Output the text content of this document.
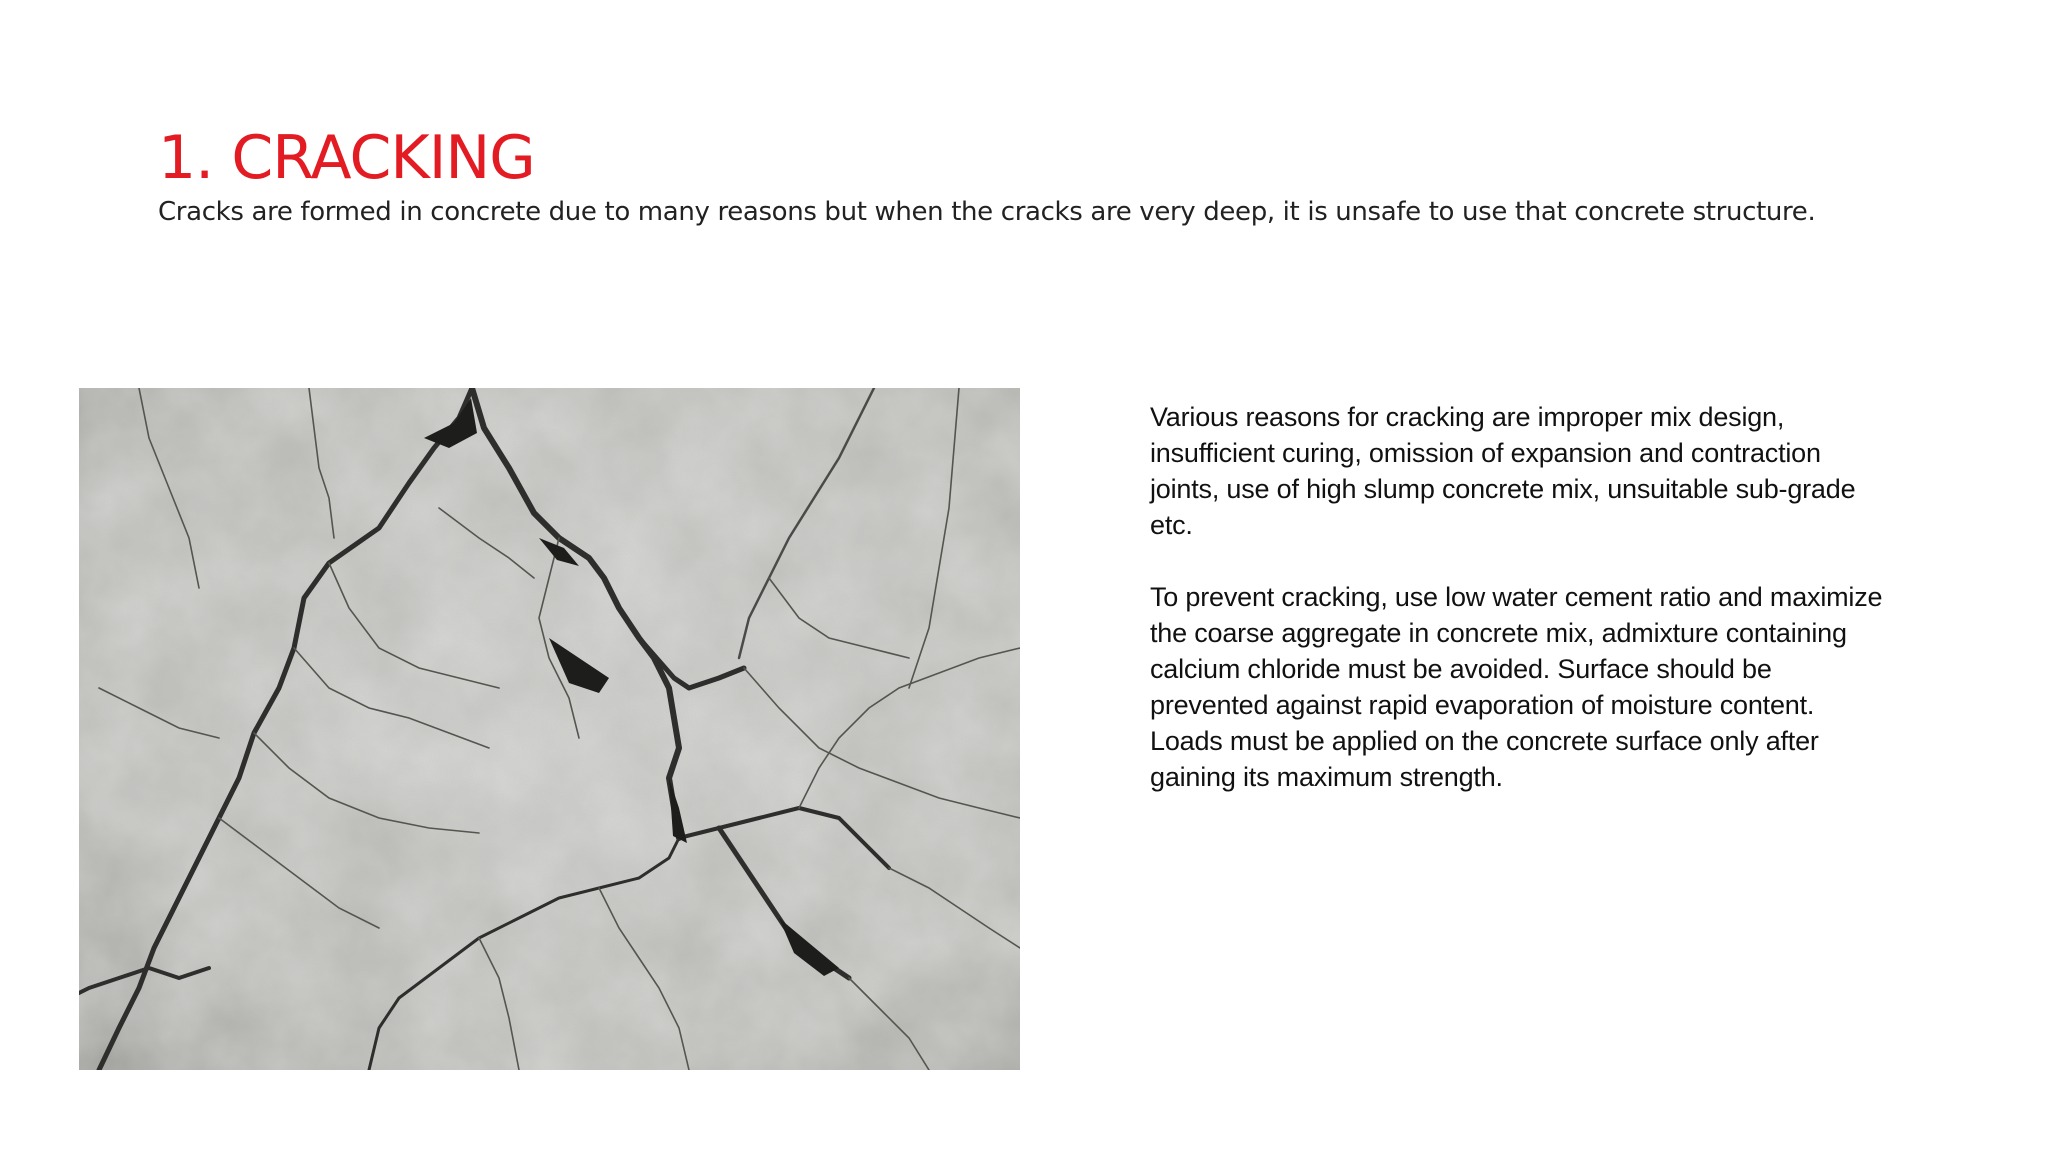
1. CRACKING

Cracks are formed in concrete due to many reasons but when the cracks are very deep, it is unsafe to use that concrete structure.

Various reasons for cracking are improper mix design, insufficient curing, omission of expansion and contraction joints, use of high slump concrete mix, unsuitable sub-grade etc.

To prevent cracking, use low water cement ratio and maximize the coarse aggregate in concrete mix, admixture containing calcium chloride must be avoided. Surface should be prevented against rapid evaporation of moisture content. Loads must be applied on the concrete surface only after gaining its maximum strength.
